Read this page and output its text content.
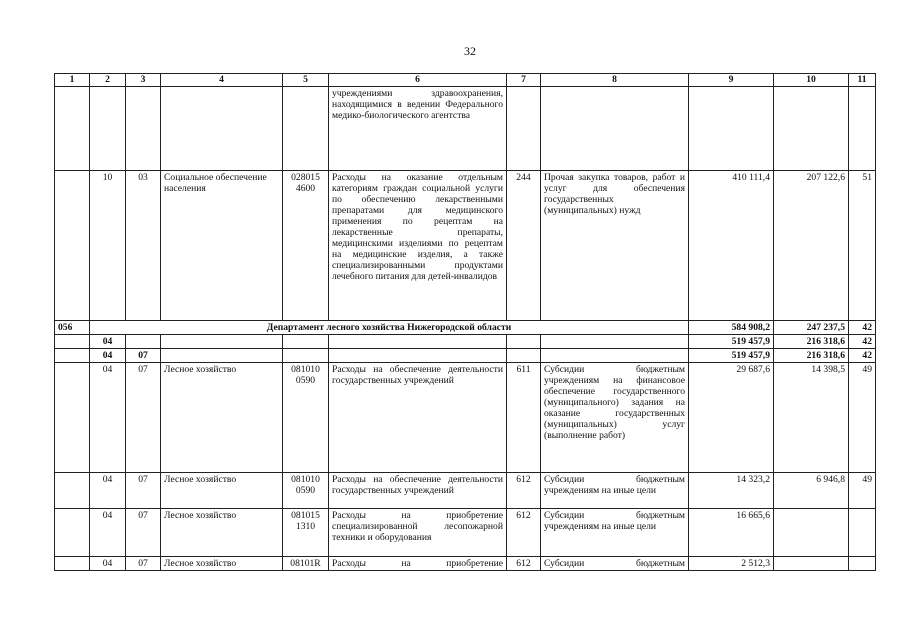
32
1	2	3	4	5	6	7	8	9	10	11
					учреждениями здравоохранения, находящимися в ведении Федерального медико-биологического агентства					
	10	03	Социальное обеспечение населения	028015 4600	Расходы на оказание отдельным категориям граждан социальной услуги по обеспечению лекарственными препаратами для медицинского применения по рецептам на лекарственные препараты, медицинскими изделиями по рецептам на медицинские изделия, а также специализированными продуктами лечебного питания для детей-инвалидов	244	Прочая закупка товаров, работ и услуг для обеспечения государственных (муниципальных) нужд	410 111,4	207 122,6	51
056	Департамент лесного хозяйства Нижегородской области							584 908,2	247 237,5	42
	04							519 457,9	216 318,6	42
	04	07						519 457,9	216 318,6	42
	04	07	Лесное хозяйство	081010 0590	Расходы на обеспечение деятельности государственных учреждений	611	Субсидии бюджетным учреждениям на финансовое обеспечение государственного (муниципального) задания на оказание государственных (муниципальных) услуг (выполнение работ)	29 687,6	14 398,5	49
	04	07	Лесное хозяйство	081010 0590	Расходы на обеспечение деятельности государственных учреждений	612	Субсидии бюджетным учреждениям на иные цели	14 323,2	6 946,8	49
	04	07	Лесное хозяйство	081015 1310	Расходы на приобретение специализированной лесопожарной техники и оборудования	612	Субсидии бюджетным учреждениям на иные цели	16 665,6		
	04	07	Лесное хозяйство	08101R	Расходы на приобретение	612	Субсидии бюджетным	2 512,3		
